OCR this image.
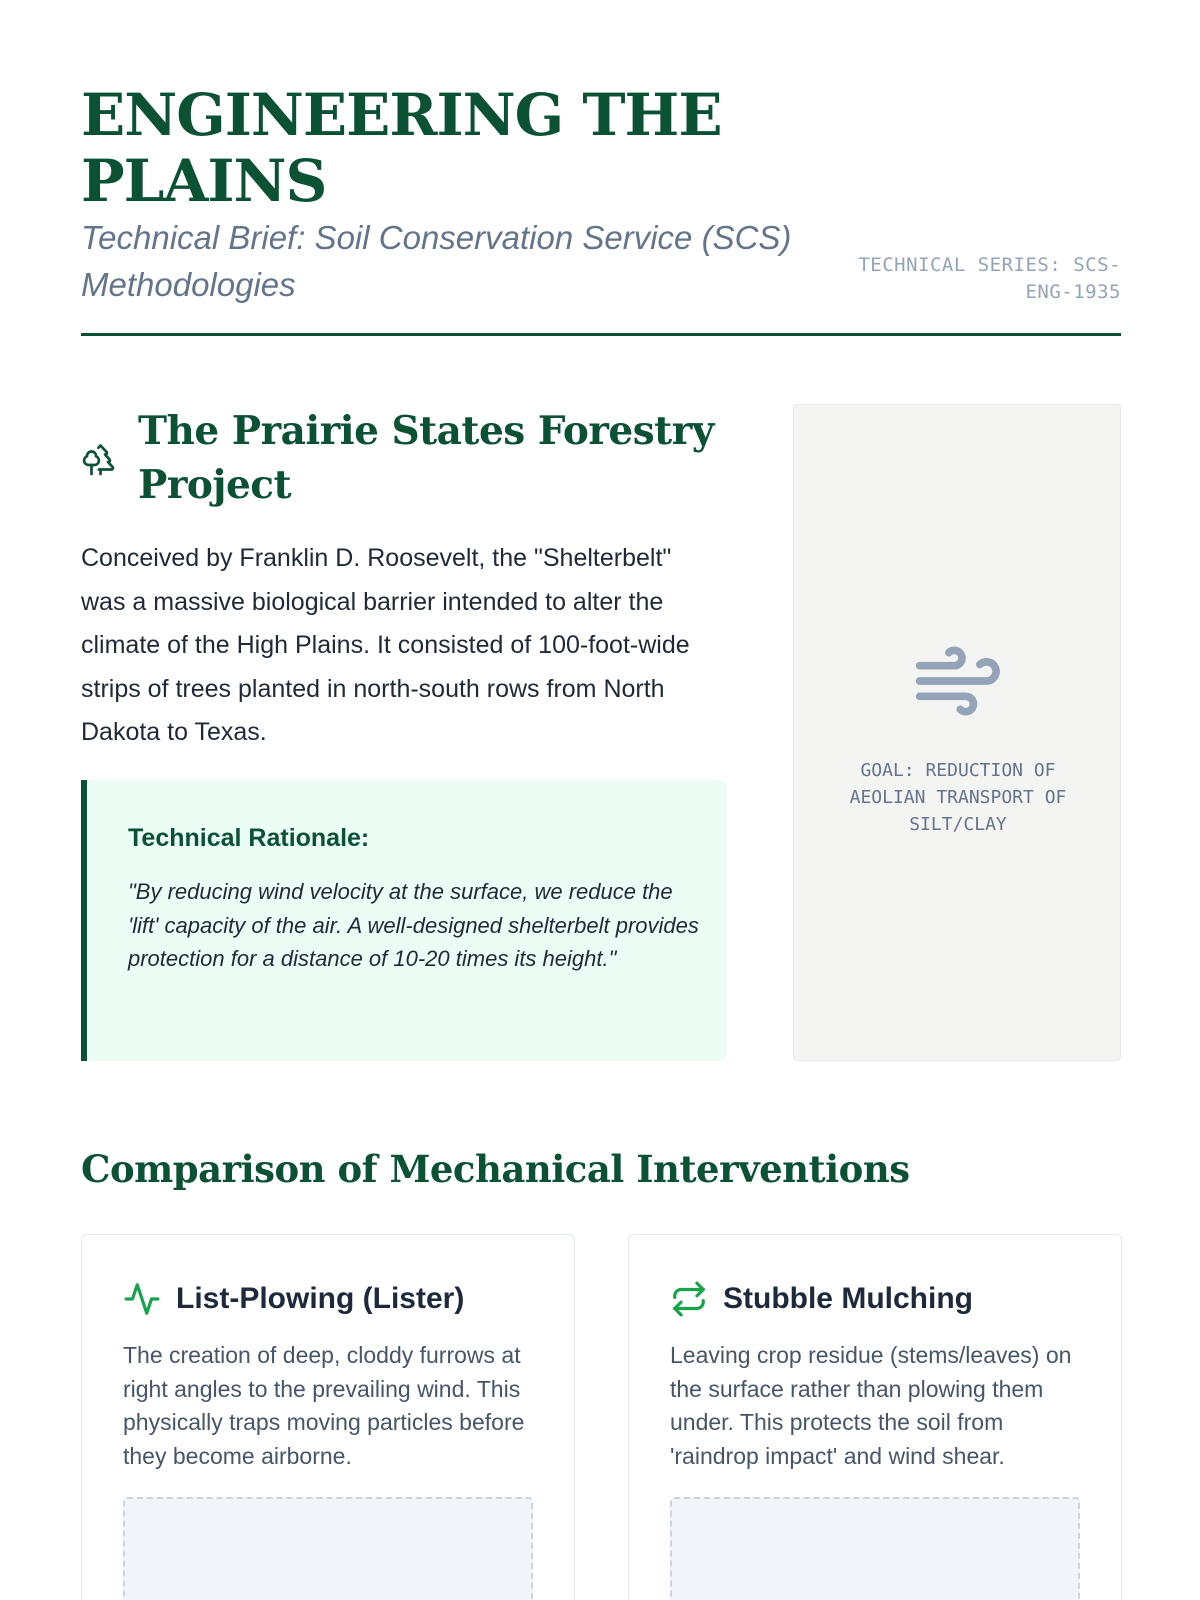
ENGINEERING THE PLAINS
Technical Brief: Soil Conservation Service (SCS) Methodologies
TECHNICAL SERIES: SCS-ENG-1935
The Prairie States Forestry Project

Conceived by Franklin D. Roosevelt, the "Shelterbelt" was a massive biological barrier intended to alter the climate of the High Plains. It consisted of 100-foot-wide strips of trees planted in north-south rows from North Dakota to Texas.

Technical Rationale:
"By reducing wind velocity at the surface, we reduce the 'lift' capacity of the air. A well-designed shelterbelt provides protection for a distance of 10-20 times its height."
GOAL: REDUCTION OF AEOLIAN TRANSPORT OF SILT/CLAY
Comparison of Mechanical Interventions
List-Plowing (Lister)
The creation of deep, cloddy furrows at right angles to the prevailing wind. This physically traps moving particles before they become airborne.
Stubble Mulching
Leaving crop residue (stems/leaves) on the surface rather than plowing them under. This protects the soil from 'raindrop impact' and wind shear.
